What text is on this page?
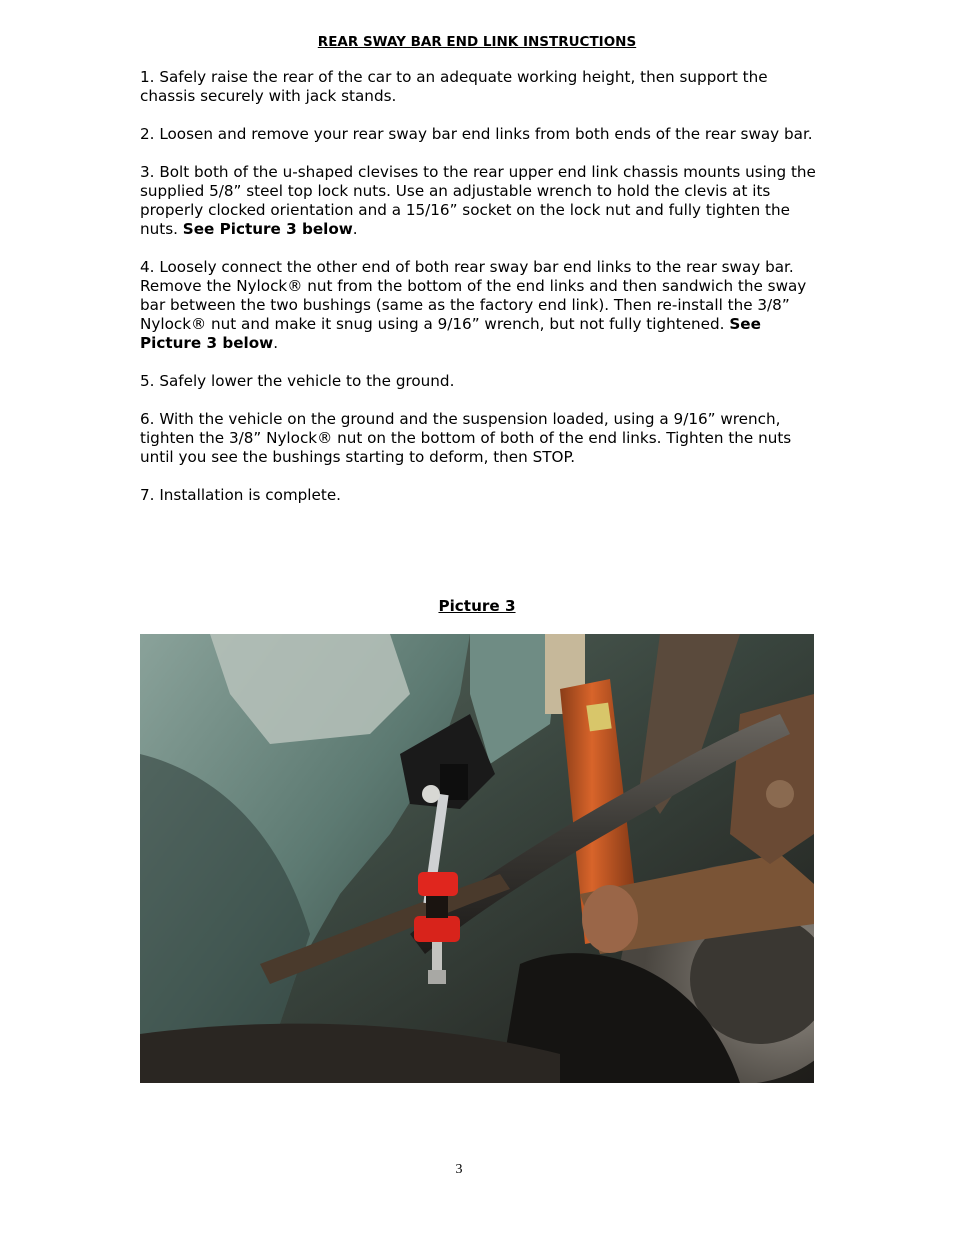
REAR SWAY BAR END LINK INSTRUCTIONS

1. Safely raise the rear of the car to an adequate working height, then support the chassis securely with jack stands.

2. Loosen and remove your rear sway bar end links from both ends of the rear sway bar.

3. Bolt both of the u-shaped clevises to the rear upper end link chassis mounts using the supplied 5/8” steel top lock nuts. Use an adjustable wrench to hold the clevis at its properly clocked orientation and a 15/16” socket on the lock nut and fully tighten the nuts. See Picture 3 below.

4. Loosely connect the other end of both rear sway bar end links to the rear sway bar. Remove the Nylock® nut from the bottom of the end links and then sandwich the sway bar between the two bushings (same as the factory end link). Then re-install the 3/8” Nylock® nut and make it snug using a 9/16” wrench, but not fully tightened. See Picture 3 below.

5. Safely lower the vehicle to the ground.

6. With the vehicle on the ground and the suspension loaded, using a 9/16” wrench, tighten the 3/8” Nylock® nut on the bottom of both of the end links. Tighten the nuts until you see the bushings starting to deform, then STOP.

7. Installation is complete.

Picture 3
3
